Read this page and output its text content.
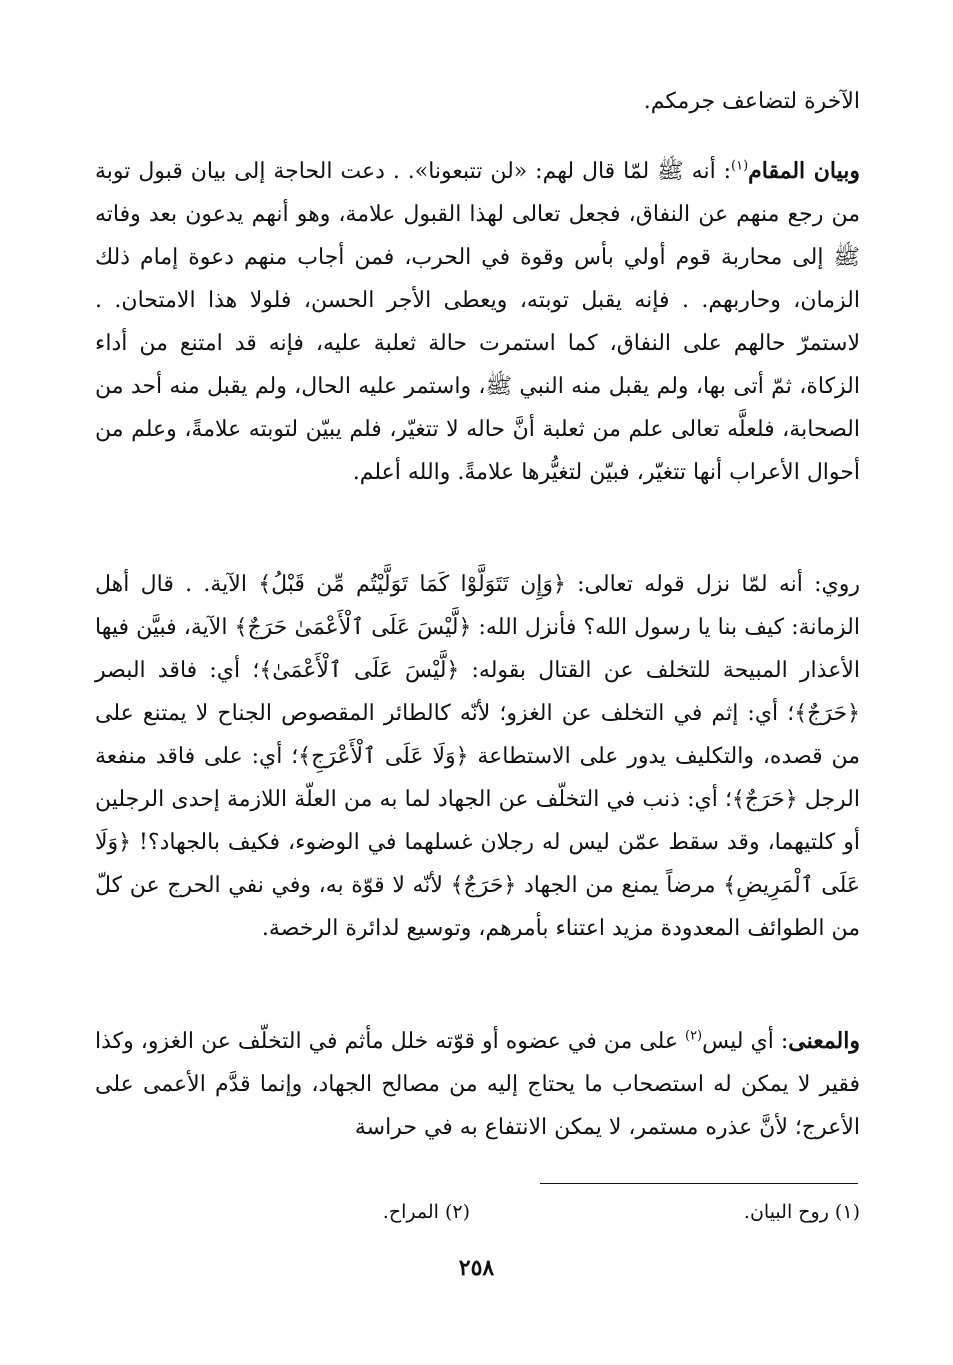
الآخرة لتضاعف جرمكم.

وبيان المقام$^{(١)}$: أنه ﷺ لمّا قال لهم: «لن تتبعونا». . دعت الحاجة إلى بيان قبول توبة من رجع منهم عن النفاق، فجعل تعالى لهذا القبول علامة، وهو أنهم يدعون بعد وفاته ﷺ إلى محاربة قوم أولي بأس وقوة في الحرب، فمن أجاب منهم دعوة إمام ذلك الزمان، وحاربهم. . فإنه يقبل توبته، ويعطى الأجر الحسن، فلولا هذا الامتحان. . لاستمرّ حالهم على النفاق، كما استمرت حالة ثعلبة عليه، فإنه قد امتنع من أداء الزكاة، ثمّ أتى بها، ولم يقبل منه النبي ﷺ، واستمر عليه الحال، ولم يقبل منه أحد من الصحابة، فلعلَّه تعالى علم من ثعلبة أنَّ حاله لا تتغيّر، فلم يبيّن لتوبته علامةً، وعلم من أحوال الأعراب أنها تتغيّر، فبيّن لتغيُّرها علامةً. والله أعلم.

روي: أنه لمّا نزل قوله تعالى: ﴿وَإِن تَتَوَلَّوْا كَمَا تَوَلَّيْتُم مِّن قَبْلُ﴾ الآية. . قال أهل الزمانة: كيف بنا يا رسول الله؟ فأنزل الله: ﴿لَّيْسَ عَلَى ٱلْأَعْمَىٰ حَرَجٌ﴾ الآية، فبيَّن فيها الأعذار المبيحة للتخلف عن القتال بقوله: ﴿لَّيْسَ عَلَى ٱلْأَعْمَىٰ﴾؛ أي: فاقد البصر ﴿حَرَجٌ﴾؛ أي: إثم في التخلف عن الغزو؛ لأنّه كالطائر المقصوص الجناح لا يمتنع على من قصده، والتكليف يدور على الاستطاعة ﴿وَلَا عَلَى ٱلْأَعْرَجِ﴾؛ أي: على فاقد منفعة الرجل ﴿حَرَجٌ﴾؛ أي: ذنب في التخلّف عن الجهاد لما به من العلّة اللازمة إحدى الرجلين أو كلتيهما، وقد سقط عمّن ليس له رجلان غسلهما في الوضوء، فكيف بالجهاد؟! ﴿وَلَا عَلَى ٱلْمَرِيضِ﴾ مرضاً يمنع من الجهاد ﴿حَرَجٌ﴾ لأنّه لا قوّة به، وفي نفي الحرج عن كلّ من الطوائف المعدودة مزيد اعتناء بأمرهم، وتوسيع لدائرة الرخصة.

والمعنى: أي ليس$^{(٢)}$ على من في عضوه أو قوّته خلل مأثم في التخلّف عن الغزو، وكذا فقير لا يمكن له استصحاب ما يحتاج إليه من مصالح الجهاد، وإنما قدَّم الأعمى على الأعرج؛ لأنَّ عذره مستمر، لا يمكن الانتفاع به في حراسة

(١) روح البيان.
(٢) المراح.
٢٥٨
